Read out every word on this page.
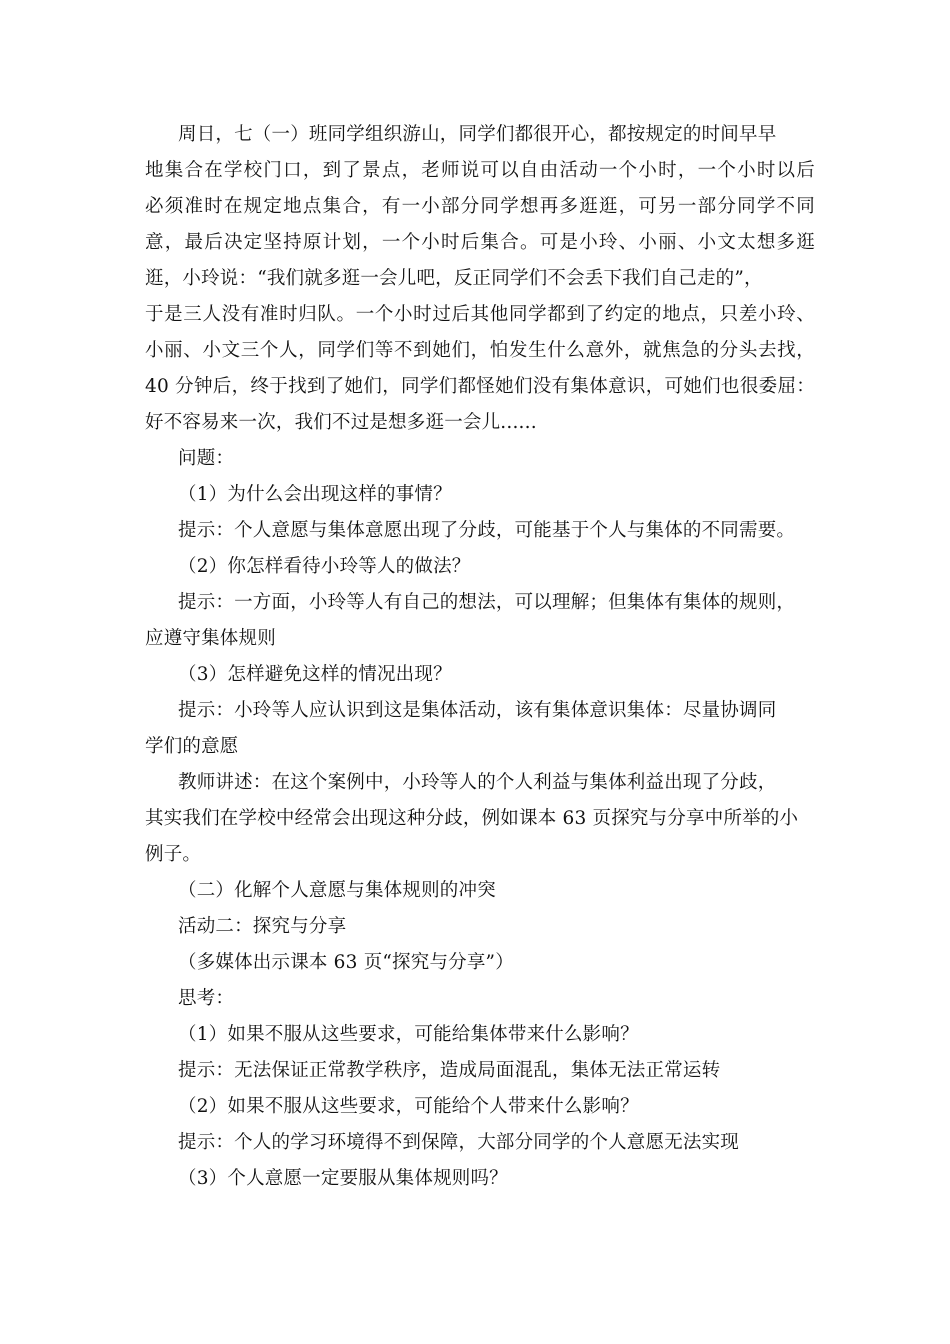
周日，七（一）班同学组织游山，同学们都很开心，都按规定的时间早早
地集合在学校门口，到了景点，老师说可以自由活动一个小时，一个小时以后
必须准时在规定地点集合，有一小部分同学想再多逛逛，可另一部分同学不同
意，最后决定坚持原计划，一个小时后集合。可是小玲、小丽、小文太想多逛
逛，小玲说：“我们就多逛一会儿吧，反正同学们不会丢下我们自己走的”，
于是三人没有准时归队。一个小时过后其他同学都到了约定的地点，只差小玲、
小丽、小文三个人，同学们等不到她们，怕发生什么意外，就焦急的分头去找，
40 分钟后，终于找到了她们，同学们都怪她们没有集体意识，可她们也很委屈：
好不容易来一次，我们不过是想多逛一会儿......
问题：
（1）为什么会出现这样的事情？
提示：个人意愿与集体意愿出现了分歧，可能基于个人与集体的不同需要。
（2）你怎样看待小玲等人的做法？
提示：一方面，小玲等人有自己的想法，可以理解；但集体有集体的规则，
应遵守集体规则
（3）怎样避免这样的情况出现？
提示：小玲等人应认识到这是集体活动，该有集体意识集体：尽量协调同
学们的意愿
教师讲述：在这个案例中，小玲等人的个人利益与集体利益出现了分歧，
其实我们在学校中经常会出现这种分歧，例如课本 63 页探究与分享中所举的小
例子。
（二）化解个人意愿与集体规则的冲突
活动二：探究与分享
（多媒体出示课本 63 页“探究与分享”）
思考：
（1）如果不服从这些要求，可能给集体带来什么影响？
提示：无法保证正常教学秩序，造成局面混乱，集体无法正常运转
（2）如果不服从这些要求，可能给个人带来什么影响？
提示：个人的学习环境得不到保障，大部分同学的个人意愿无法实现
（3）个人意愿一定要服从集体规则吗？
